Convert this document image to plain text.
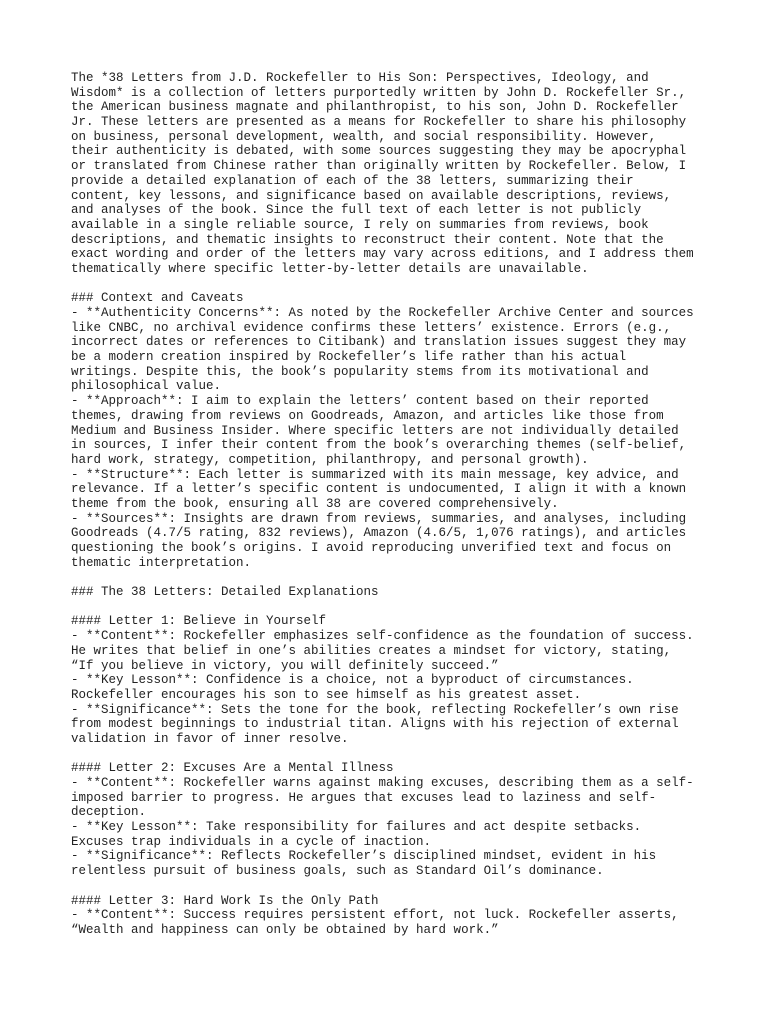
The *38 Letters from J.D. Rockefeller to His Son: Perspectives, Ideology, and
Wisdom* is a collection of letters purportedly written by John D. Rockefeller Sr.,
the American business magnate and philanthropist, to his son, John D. Rockefeller
Jr. These letters are presented as a means for Rockefeller to share his philosophy
on business, personal development, wealth, and social responsibility. However,
their authenticity is debated, with some sources suggesting they may be apocryphal
or translated from Chinese rather than originally written by Rockefeller. Below, I
provide a detailed explanation of each of the 38 letters, summarizing their
content, key lessons, and significance based on available descriptions, reviews,
and analyses of the book. Since the full text of each letter is not publicly
available in a single reliable source, I rely on summaries from reviews, book
descriptions, and thematic insights to reconstruct their content. Note that the
exact wording and order of the letters may vary across editions, and I address them
thematically where specific letter-by-letter details are unavailable.
### Context and Caveats
- **Authenticity Concerns**: As noted by the Rockefeller Archive Center and sources
like CNBC, no archival evidence confirms these letters’ existence. Errors (e.g.,
incorrect dates or references to Citibank) and translation issues suggest they may
be a modern creation inspired by Rockefeller’s life rather than his actual
writings. Despite this, the book’s popularity stems from its motivational and
philosophical value.
- **Approach**: I aim to explain the letters’ content based on their reported
themes, drawing from reviews on Goodreads, Amazon, and articles like those from
Medium and Business Insider. Where specific letters are not individually detailed
in sources, I infer their content from the book’s overarching themes (self-belief,
hard work, strategy, competition, philanthropy, and personal growth).
- **Structure**: Each letter is summarized with its main message, key advice, and
relevance. If a letter’s specific content is undocumented, I align it with a known
theme from the book, ensuring all 38 are covered comprehensively.
- **Sources**: Insights are drawn from reviews, summaries, and analyses, including
Goodreads (4.7/5 rating, 832 reviews), Amazon (4.6/5, 1,076 ratings), and articles
questioning the book’s origins. I avoid reproducing unverified text and focus on
thematic interpretation.
### The 38 Letters: Detailed Explanations
#### Letter 1: Believe in Yourself
- **Content**: Rockefeller emphasizes self-confidence as the foundation of success.
He writes that belief in one’s abilities creates a mindset for victory, stating,
“If you believe in victory, you will definitely succeed.”
- **Key Lesson**: Confidence is a choice, not a byproduct of circumstances.
Rockefeller encourages his son to see himself as his greatest asset.
- **Significance**: Sets the tone for the book, reflecting Rockefeller’s own rise
from modest beginnings to industrial titan. Aligns with his rejection of external
validation in favor of inner resolve.
#### Letter 2: Excuses Are a Mental Illness
- **Content**: Rockefeller warns against making excuses, describing them as a self-
imposed barrier to progress. He argues that excuses lead to laziness and self-
deception.
- **Key Lesson**: Take responsibility for failures and act despite setbacks.
Excuses trap individuals in a cycle of inaction.
- **Significance**: Reflects Rockefeller’s disciplined mindset, evident in his
relentless pursuit of business goals, such as Standard Oil’s dominance.
#### Letter 3: Hard Work Is the Only Path
- **Content**: Success requires persistent effort, not luck. Rockefeller asserts,
“Wealth and happiness can only be obtained by hard work.”
